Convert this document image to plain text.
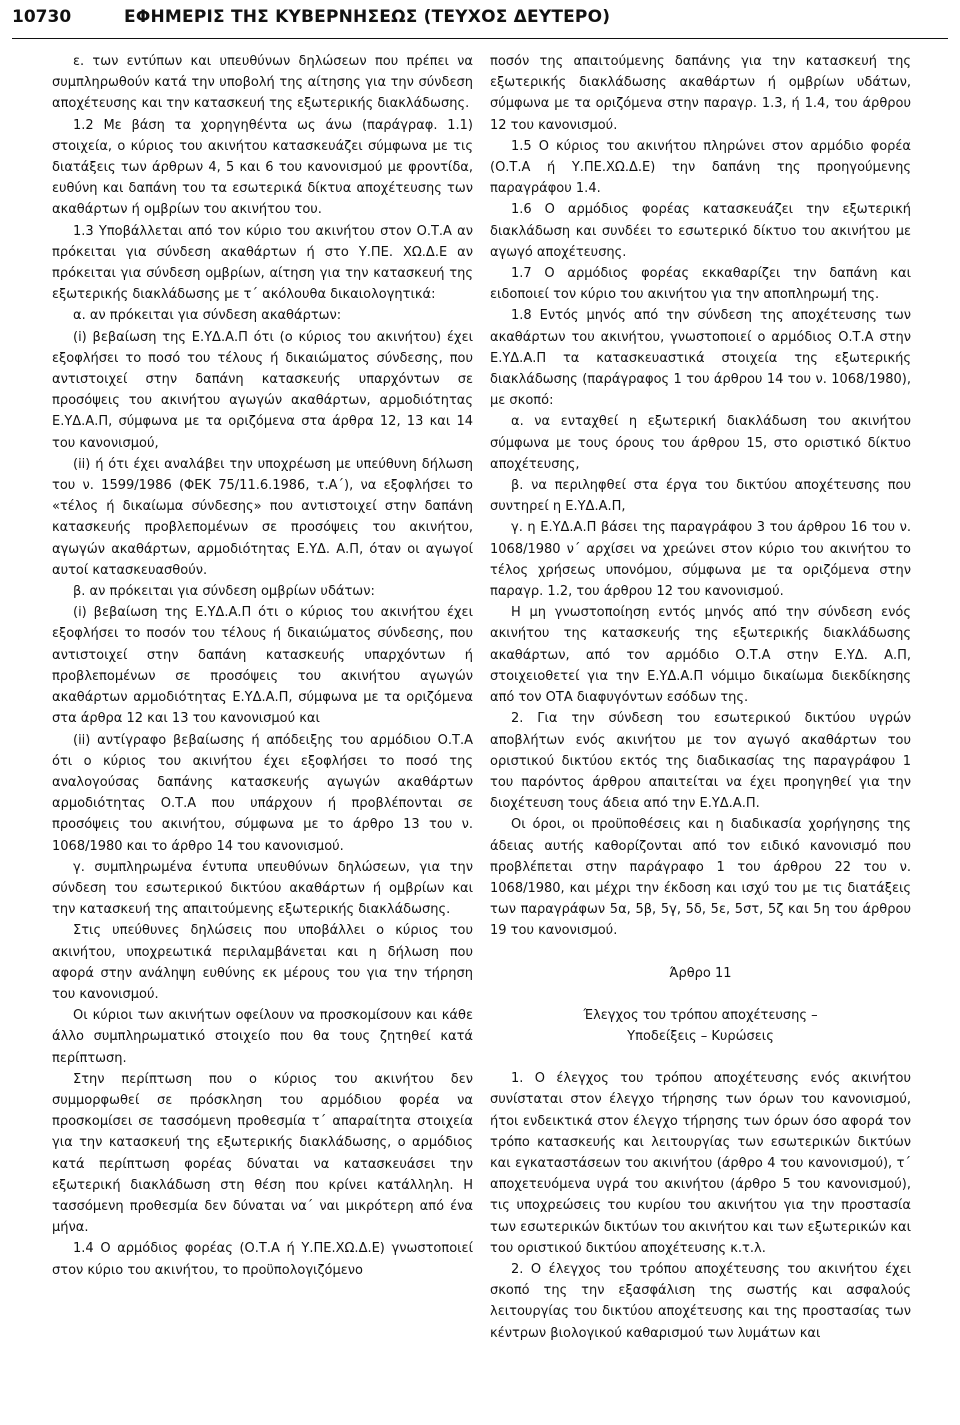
10730	ΕΦΗΜΕΡΙΣ ΤΗΣ ΚΥΒΕΡΝΗΣΕΩΣ (ΤΕΥΧΟΣ ΔΕΥΤΕΡΟ)

ε. των εντύπων και υπευθύνων δηλώσεων που πρέπει να συμπληρωθούν κατά την υποβολή της αίτησης για την σύνδεση αποχέτευσης και την κατασκευή της εξωτερικής διακλάδωσης.

1.2 Με βάση τα χορηγηθέντα ως άνω (παράγραφ. 1.1) στοιχεία, ο κύριος του ακινήτου κατασκευάζει σύμφωνα με τις διατάξεις των άρθρων 4, 5 και 6 του κανονισμού με φροντίδα, ευθύνη και δαπάνη του τα εσωτερικά δίκτυα αποχέτευσης των ακαθάρτων ή ομβρίων του ακινήτου του.

1.3 Υποβάλλεται από τον κύριο του ακινήτου στον Ο.Τ.Α αν πρόκειται για σύνδεση ακαθάρτων ή στο Υ.ΠΕ. ΧΩ.Δ.Ε αν πρόκειται για σύνδεση ομβρίων, αίτηση για την κατασκευή της εξωτερικής διακλάδωσης με τ΄ ακόλουθα δικαιολογητικά:

α. αν πρόκειται για σύνδεση ακαθάρτων:

(i) βεβαίωση της Ε.ΥΔ.Α.Π ότι (ο κύριος του ακινήτου) έχει εξοφλήσει το ποσό του τέλους ή δικαιώματος σύνδεσης, που αντιστοιχεί στην δαπάνη κατασκευής υπαρχόντων σε προσόψεις του ακινήτου αγωγών ακαθάρτων, αρμοδιότητας Ε.ΥΔ.Α.Π, σύμφωνα με τα οριζόμενα στα άρθρα 12, 13 και 14 του κανονισμού,

(ii) ή ότι έχει αναλάβει την υποχρέωση με υπεύθυνη δήλωση του ν. 1599/1986 (ΦΕΚ 75/11.6.1986, τ.Α΄), να εξοφλήσει το «τέλος ή δικαίωμα σύνδεσης» που αντιστοιχεί στην δαπάνη κατασκευής προβλεπομένων σε προσόψεις του ακινήτου, αγωγών ακαθάρτων, αρμοδιότητας Ε.ΥΔ. Α.Π, όταν οι αγωγοί αυτοί κατασκευασθούν.

β. αν πρόκειται για σύνδεση ομβρίων υδάτων:

(i) βεβαίωση της Ε.ΥΔ.Α.Π ότι ο κύριος του ακινήτου έχει εξοφλήσει το ποσόν του τέλους ή δικαιώματος σύνδεσης, που αντιστοιχεί στην δαπάνη κατασκευής υπαρχόντων ή προβλεπομένων σε προσόψεις του ακινήτου αγωγών ακαθάρτων αρμοδιότητας Ε.ΥΔ.Α.Π, σύμφωνα με τα οριζόμενα στα άρθρα 12 και 13 του κανονισμού και

(ii) αντίγραφο βεβαίωσης ή απόδειξης του αρμόδιου Ο.Τ.Α ότι ο κύριος του ακινήτου έχει εξοφλήσει το ποσό της αναλογούσας δαπάνης κατασκευής αγωγών ακαθάρτων αρμοδιότητας Ο.Τ.Α που υπάρχουν ή προβλέπονται σε προσόψεις του ακινήτου, σύμφωνα με το άρθρο 13 του ν. 1068/1980 και το άρθρο 14 του κανονισμού.

γ. συμπληρωμένα έντυπα υπευθύνων δηλώσεων, για την σύνδεση του εσωτερικού δικτύου ακαθάρτων ή ομβρίων και την κατασκευή της απαιτούμενης εξωτερικής διακλάδωσης.

Στις υπεύθυνες δηλώσεις που υποβάλλει ο κύριος του ακινήτου, υποχρεωτικά περιλαμβάνεται και η δήλωση που αφορά στην ανάληψη ευθύνης εκ μέρους του για την τήρηση του κανονισμού.

Οι κύριοι των ακινήτων οφείλουν να προσκομίσουν και κάθε άλλο συμπληρωματικό στοιχείο που θα τους ζητηθεί κατά περίπτωση.

Στην περίπτωση που ο κύριος του ακινήτου δεν συμμορφωθεί σε πρόσκληση του αρμόδιου φορέα να προσκομίσει σε τασσόμενη προθεσμία τ΄ απαραίτητα στοιχεία για την κατασκευή της εξωτερικής διακλάδωσης, ο αρμόδιος κατά περίπτωση φορέας δύναται να κατασκευάσει την εξωτερική διακλάδωση στη θέση που κρίνει κατάλληλη. Η τασσόμενη προθεσμία δεν δύναται να΄ ναι μικρότερη από ένα μήνα.

1.4 Ο αρμόδιος φορέας (Ο.Τ.Α ή Υ.ΠΕ.ΧΩ.Δ.Ε) γνωστοποιεί στον κύριο του ακινήτου, το προϋπολογιζόμενο

ποσόν της απαιτούμενης δαπάνης για την κατασκευή της εξωτερικής διακλάδωσης ακαθάρτων ή ομβρίων υδάτων, σύμφωνα με τα οριζόμενα στην παραγρ. 1.3, ή 1.4, του άρθρου 12 του κανονισμού.

1.5 Ο κύριος του ακινήτου πληρώνει στον αρμόδιο φορέα (Ο.Τ.Α ή Υ.ΠΕ.ΧΩ.Δ.Ε) την δαπάνη της προηγούμενης παραγράφου 1.4.

1.6 Ο αρμόδιος φορέας κατασκευάζει την εξωτερική διακλάδωση και συνδέει το εσωτερικό δίκτυο του ακινήτου με αγωγό αποχέτευσης.

1.7 Ο αρμόδιος φορέας εκκαθαρίζει την δαπάνη και ειδοποιεί τον κύριο του ακινήτου για την αποπληρωμή της.

1.8 Εντός μηνός από την σύνδεση της αποχέτευσης των ακαθάρτων του ακινήτου, γνωστοποιεί ο αρμόδιος Ο.Τ.Α στην Ε.ΥΔ.Α.Π τα κατασκευαστικά στοιχεία της εξωτερικής διακλάδωσης (παράγραφος 1 του άρθρου 14 του ν. 1068/1980), με σκοπό:

α. να ενταχθεί η εξωτερική διακλάδωση του ακινήτου σύμφωνα με τους όρους του άρθρου 15, στο οριστικό δίκτυο αποχέτευσης,

β. να περιληφθεί στα έργα του δικτύου αποχέτευσης που συντηρεί η Ε.ΥΔ.Α.Π,

γ. η Ε.ΥΔ.Α.Π βάσει της παραγράφου 3 του άρθρου 16 του ν. 1068/1980 ν΄ αρχίσει να χρεώνει στον κύριο του ακινήτου το τέλος χρήσεως υπονόμου, σύμφωνα με τα οριζόμενα στην παραγρ. 1.2, του άρθρου 12 του κανονισμού.

Η μη γνωστοποίηση εντός μηνός από την σύνδεση ενός ακινήτου της κατασκευής της εξωτερικής διακλάδωσης ακαθάρτων, από τον αρμόδιο Ο.Τ.Α στην Ε.ΥΔ. Α.Π, στοιχειοθετεί για την Ε.ΥΔ.Α.Π νόμιμο δικαίωμα διεκδίκησης από τον ΟΤΑ διαφυγόντων εσόδων της.

2. Για την σύνδεση του εσωτερικού δικτύου υγρών αποβλήτων ενός ακινήτου με τον αγωγό ακαθάρτων του οριστικού δικτύου εκτός της διαδικασίας της παραγράφου 1 του παρόντος άρθρου απαιτείται να έχει προηγηθεί για την διοχέτευση τους άδεια από την Ε.ΥΔ.Α.Π.

Οι όροι, οι προϋποθέσεις και η διαδικασία χορήγησης της άδειας αυτής καθορίζονται από τον ειδικό κανονισμό που προβλέπεται στην παράγραφο 1 του άρθρου 22 του ν. 1068/1980, και μέχρι την έκδοση και ισχύ του με τις διατάξεις των παραγράφων 5α, 5β, 5γ, 5δ, 5ε, 5στ, 5ζ και 5η του άρθρου 19 του κανονισμού.

Άρθρο 11

Έλεγχος του τρόπου αποχέτευσης –

Υποδείξεις – Κυρώσεις

1. Ο έλεγχος του τρόπου αποχέτευσης ενός ακινήτου συνίσταται στον έλεγχο τήρησης των όρων του κανονισμού, ήτοι ενδεικτικά στον έλεγχο τήρησης των όρων όσο αφορά τον τρόπο κατασκευής και λειτουργίας των εσωτερικών δικτύων και εγκαταστάσεων του ακινήτου (άρθρο 4 του κανονισμού), τ΄ αποχετευόμενα υγρά του ακινήτου (άρθρο 5 του κανονισμού), τις υποχρεώσεις του κυρίου του ακινήτου για την προστασία των εσωτερικών δικτύων του ακινήτου και των εξωτερικών και του οριστικού δικτύου αποχέτευσης κ.τ.λ.

2. Ο έλεγχος του τρόπου αποχέτευσης του ακινήτου έχει σκοπό της την εξασφάλιση της σωστής και ασφαλούς λειτουργίας του δικτύου αποχέτευσης και της προστασίας των κέντρων βιολογικού καθαρισμού των λυμάτων και
